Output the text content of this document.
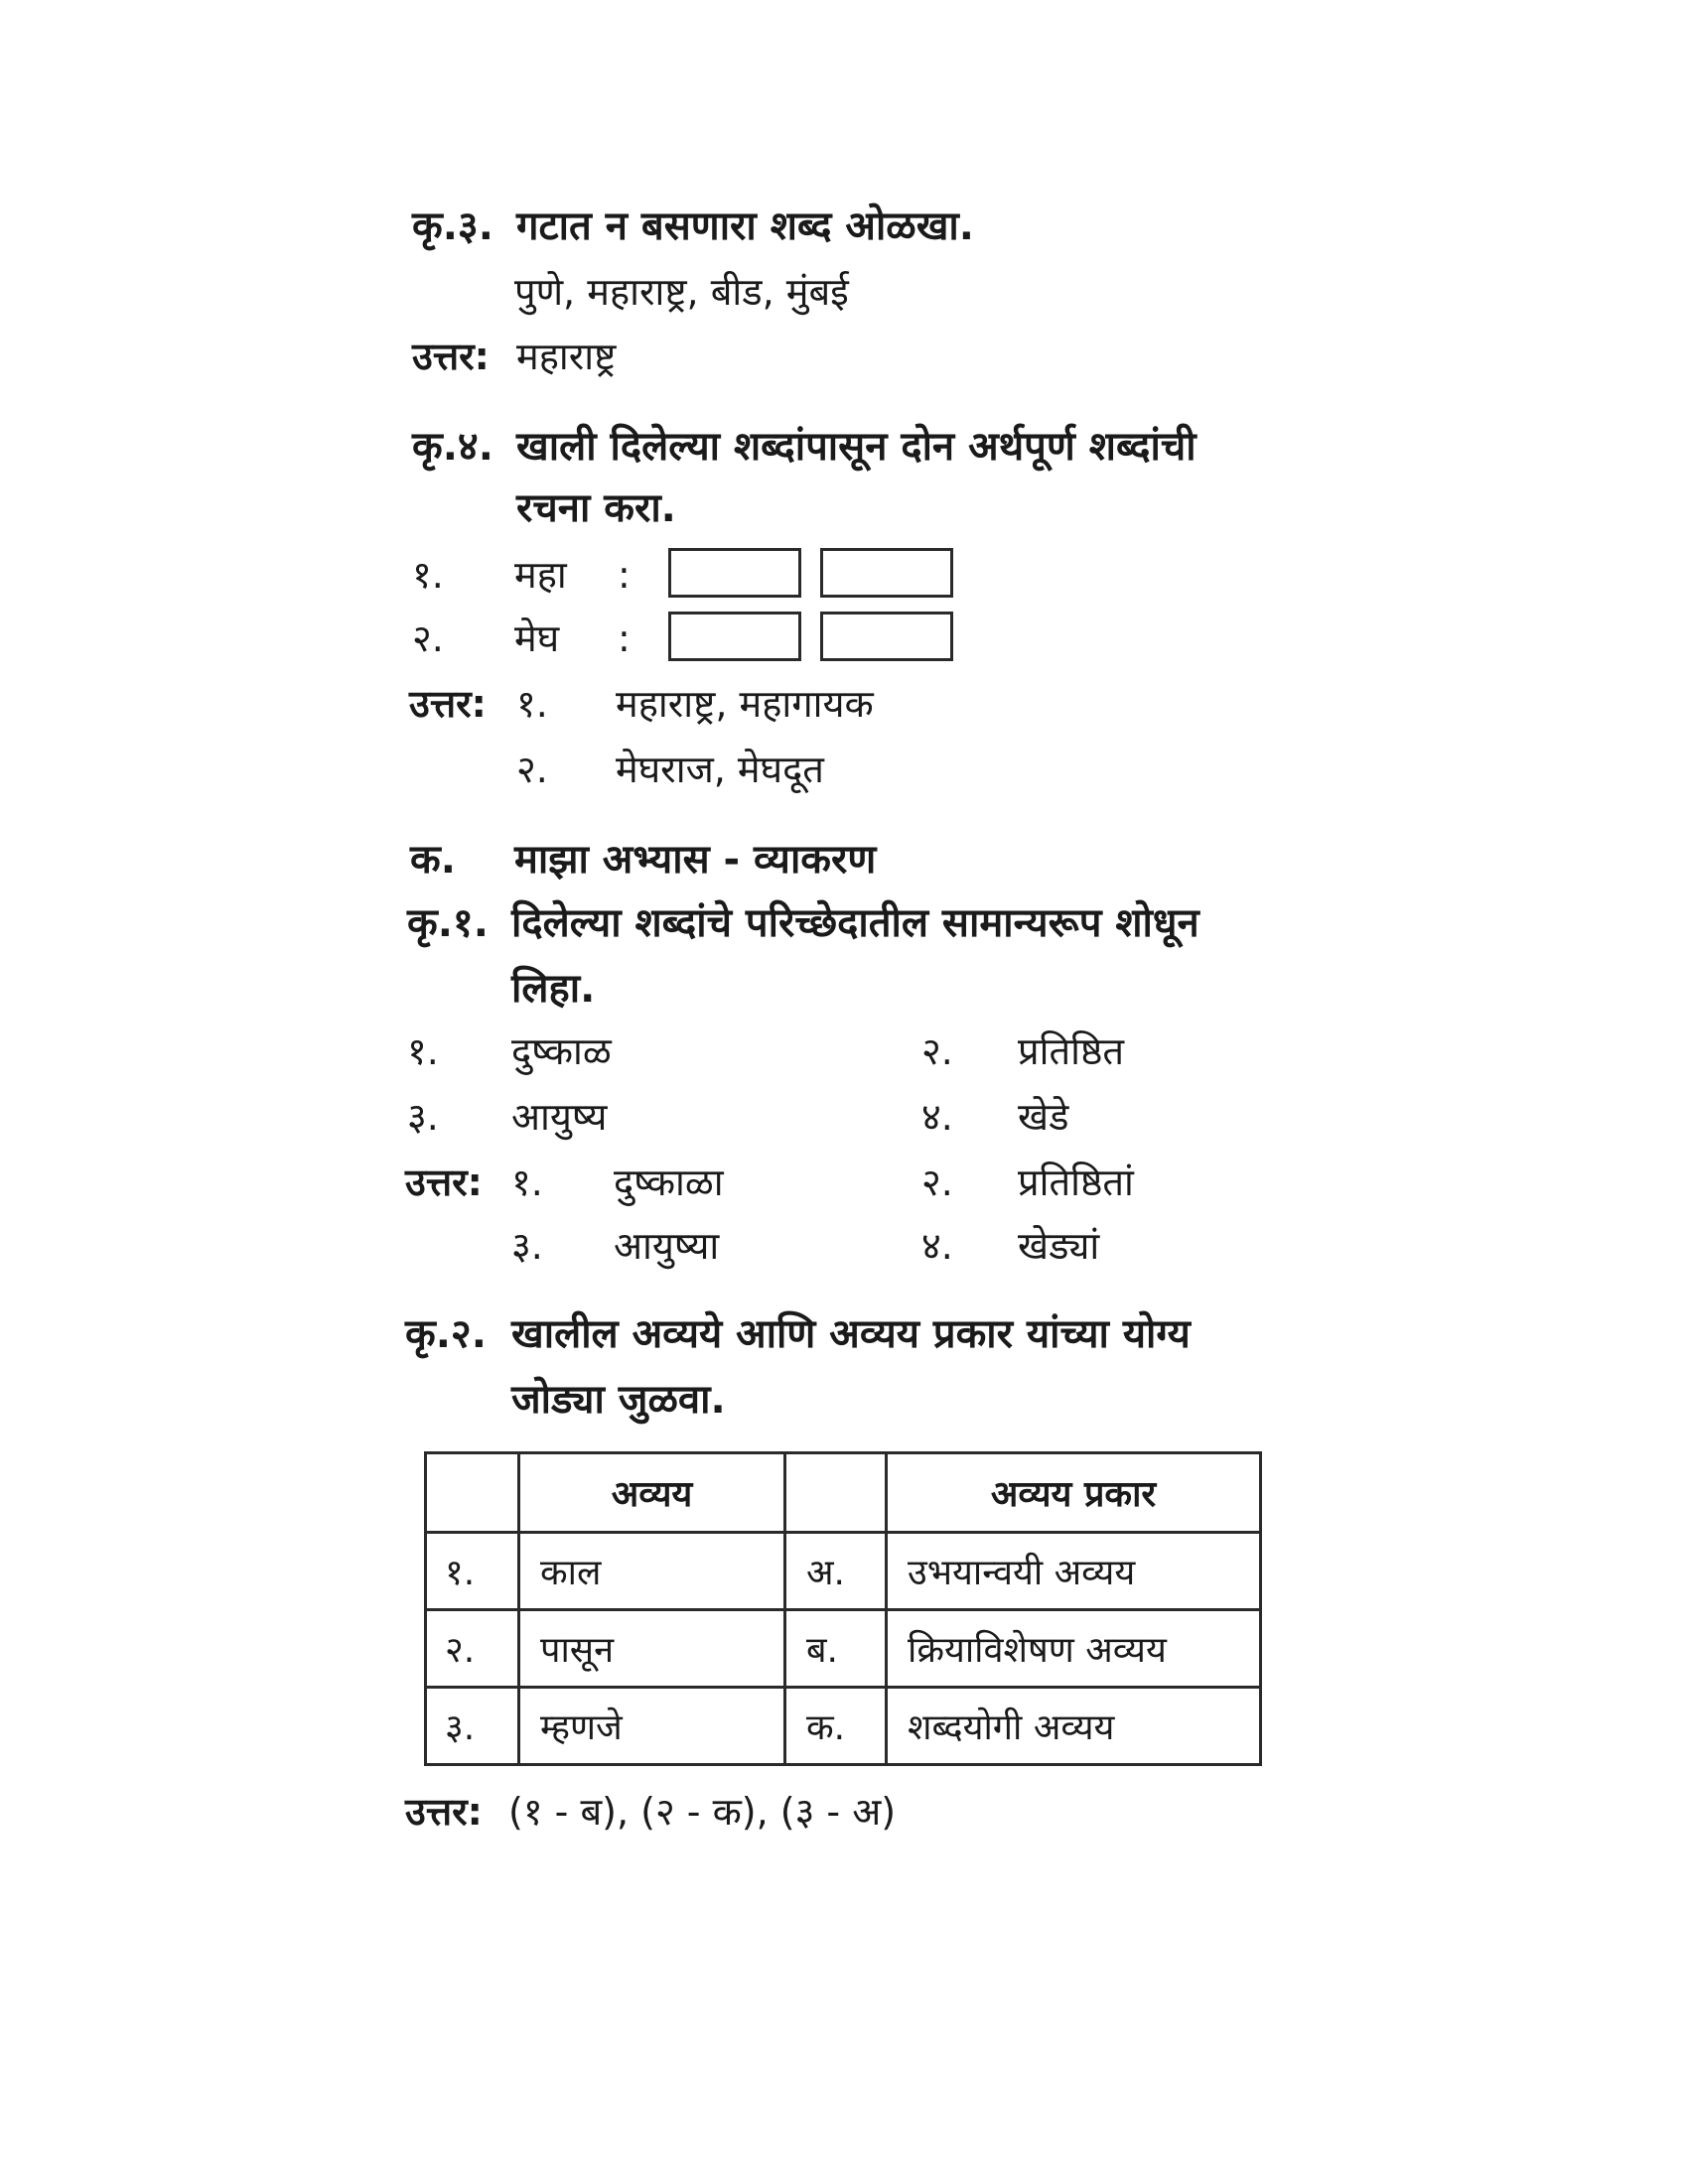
कृ.३. गटात न बसणारा शब्द ओळखा.
पुणे, महाराष्ट्र, बीड, मुंबई
उत्तर: महाराष्ट्र
कृ.४. खाली दिलेल्या शब्दांपासून दोन अर्थपूर्ण शब्दांची
रचना करा.
१. महा :
२. मेघ :
उत्तर: १. महाराष्ट्र, महागायक
२. मेघराज, मेघदूत
क. माझा अभ्यास - व्याकरण
कृ.१. दिलेल्या शब्दांचे परिच्छेदातील सामान्यरूप शोधून
लिहा.
१. दुष्काळ	२. प्रतिष्ठित
३. आयुष्य	४. खेडे
उत्तर: १. दुष्काळा	२. प्रतिष्ठितां
३. आयुष्या	४. खेड्यां
कृ.२. खालील अव्यये आणि अव्यय प्रकार यांच्या योग्य
जोड्या जुळवा.
	अव्यय		अव्यय प्रकार
१.	काल	अ.	उभयान्वयी अव्यय
२.	पासून	ब.	क्रियाविशेषण अव्यय
३.	म्हणजे	क.	शब्दयोगी अव्यय
उत्तर: (१ - ब), (२ - क), (३ - अ)
